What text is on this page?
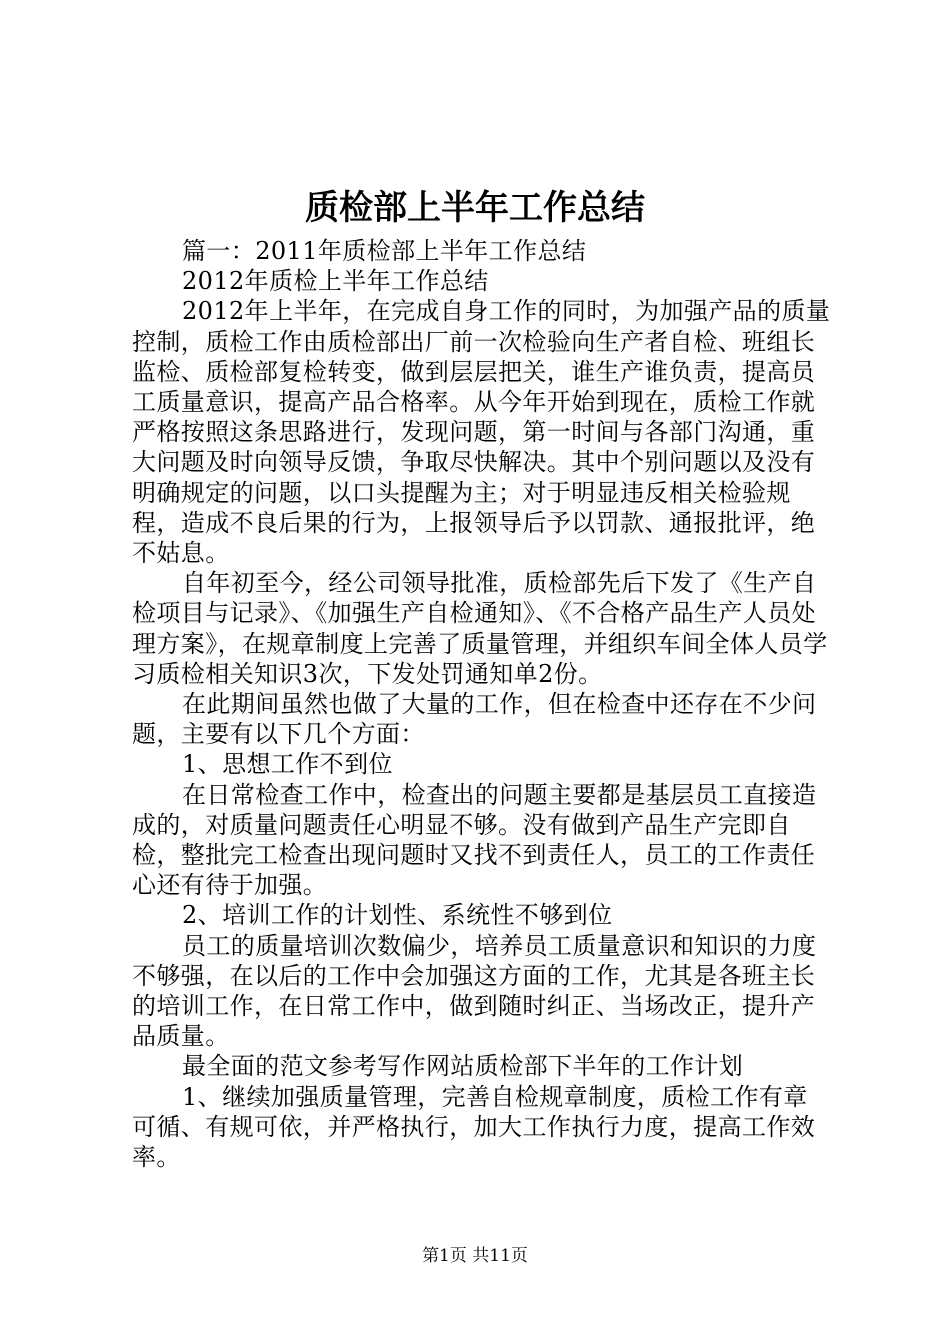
质检部上半年工作总结

篇一：2011年质检部上半年工作总结

2012年质检上半年工作总结

2012年上半年，在完成自身工作的同时，为加强产品的质量控制，质检工作由质检部出厂前一次检验向生产者自检、班组长监检、质检部复检转变，做到层层把关，谁生产谁负责，提高员工质量意识，提高产品合格率。从今年开始到现在，质检工作就严格按照这条思路进行，发现问题，第一时间与各部门沟通，重大问题及时向领导反馈，争取尽快解决。其中个别问题以及没有明确规定的问题，以口头提醒为主；对于明显违反相关检验规程，造成不良后果的行为，上报领导后予以罚款、通报批评，绝不姑息。

自年初至今，经公司领导批准，质检部先后下发了《生产自检项目与记录》、《加强生产自检通知》、《不合格产品生产人员处理方案》，在规章制度上完善了质量管理，并组织车间全体人员学习质检相关知识3次，下发处罚通知单2份。

在此期间虽然也做了大量的工作，但在检查中还存在不少问题，主要有以下几个方面：

1、思想工作不到位

在日常检查工作中，检查出的问题主要都是基层员工直接造成的，对质量问题责任心明显不够。没有做到产品生产完即自检，整批完工检查出现问题时又找不到责任人，员工的工作责任心还有待于加强。

2、培训工作的计划性、系统性不够到位

员工的质量培训次数偏少，培养员工质量意识和知识的力度不够强，在以后的工作中会加强这方面的工作，尤其是各班主长的培训工作，在日常工作中，做到随时纠正、当场改正，提升产品质量。

最全面的范文参考写作网站质检部下半年的工作计划

1、继续加强质量管理，完善自检规章制度，质检工作有章可循、有规可依，并严格执行，加大工作执行力度，提高工作效率。

第1页 共11页
